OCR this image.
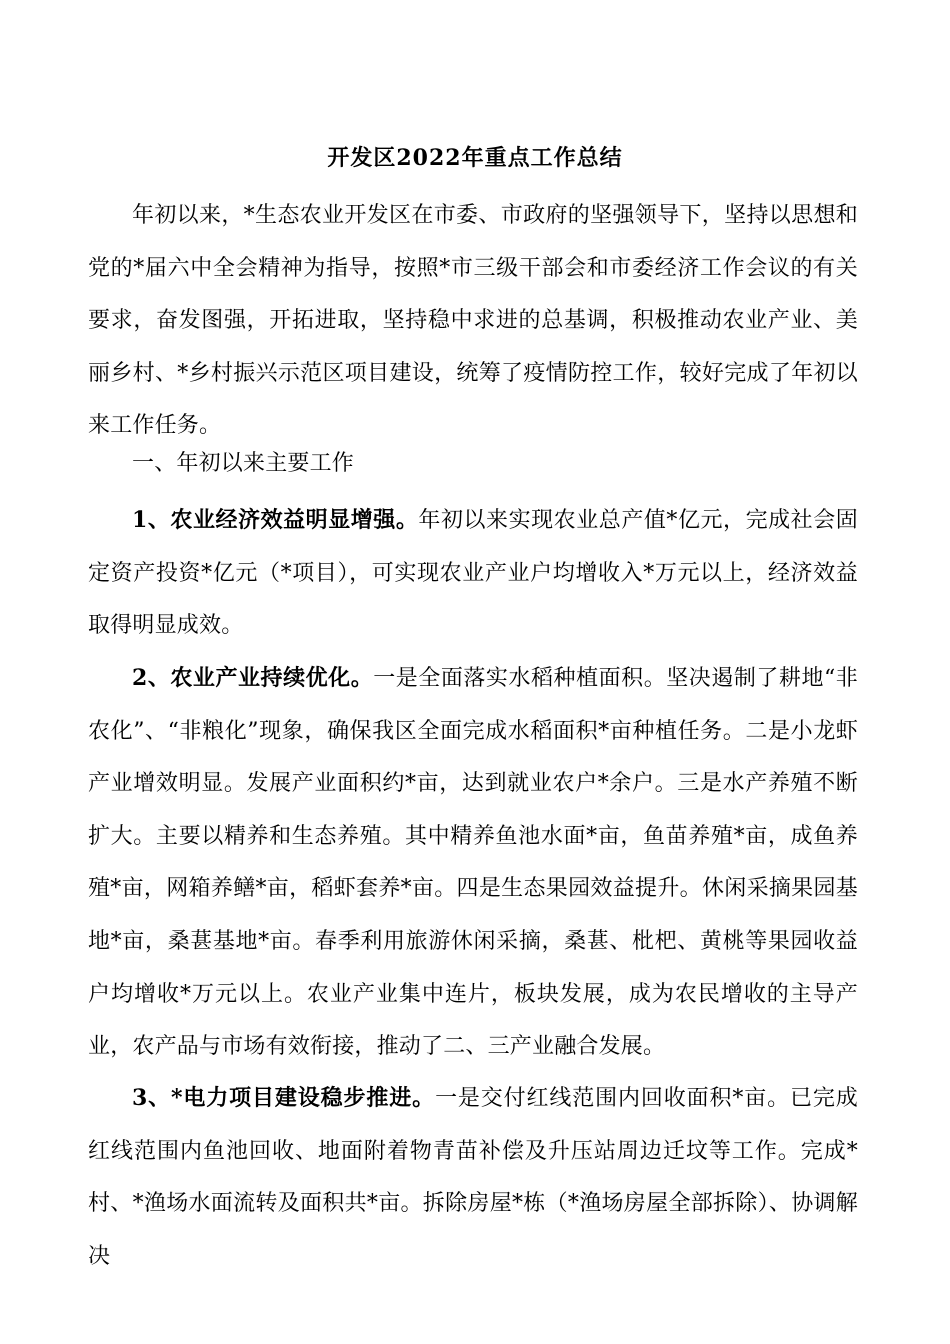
开发区2022年重点工作总结

年初以来，*生态农业开发区在市委、市政府的坚强领导下，坚持以思想和党的*届六中全会精神为指导，按照*市三级干部会和市委经济工作会议的有关要求，奋发图强，开拓进取，坚持稳中求进的总基调，积极推动农业产业、美丽乡村、*乡村振兴示范区项目建设，统筹了疫情防控工作，较好完成了年初以来工作任务。

一、年初以来主要工作

1、农业经济效益明显增强。年初以来实现农业总产值*亿元，完成社会固定资产投资*亿元（*项目），可实现农业产业户均增收入*万元以上，经济效益取得明显成效。

2、农业产业持续优化。一是全面落实水稻种植面积。坚决遏制了耕地“非农化”、“非粮化”现象，确保我区全面完成水稻面积*亩种植任务。二是小龙虾产业增效明显。发展产业面积约*亩，达到就业农户*余户。三是水产养殖不断扩大。主要以精养和生态养殖。其中精养鱼池水面*亩，鱼苗养殖*亩，成鱼养殖*亩，网箱养鳝*亩，稻虾套养*亩。四是生态果园效益提升。休闲采摘果园基地*亩，桑葚基地*亩。春季利用旅游休闲采摘，桑葚、枇杷、黄桃等果园收益户均增收*万元以上。农业产业集中连片，板块发展，成为农民增收的主导产业，农产品与市场有效衔接，推动了二、三产业融合发展。

3、*电力项目建设稳步推进。一是交付红线范围内回收面积*亩。已完成红线范围内鱼池回收、地面附着物青苗补偿及升压站周边迁坟等工作。完成*村、*渔场水面流转及面积共*亩。拆除房屋*栋（*渔场房屋全部拆除）、协调解决
